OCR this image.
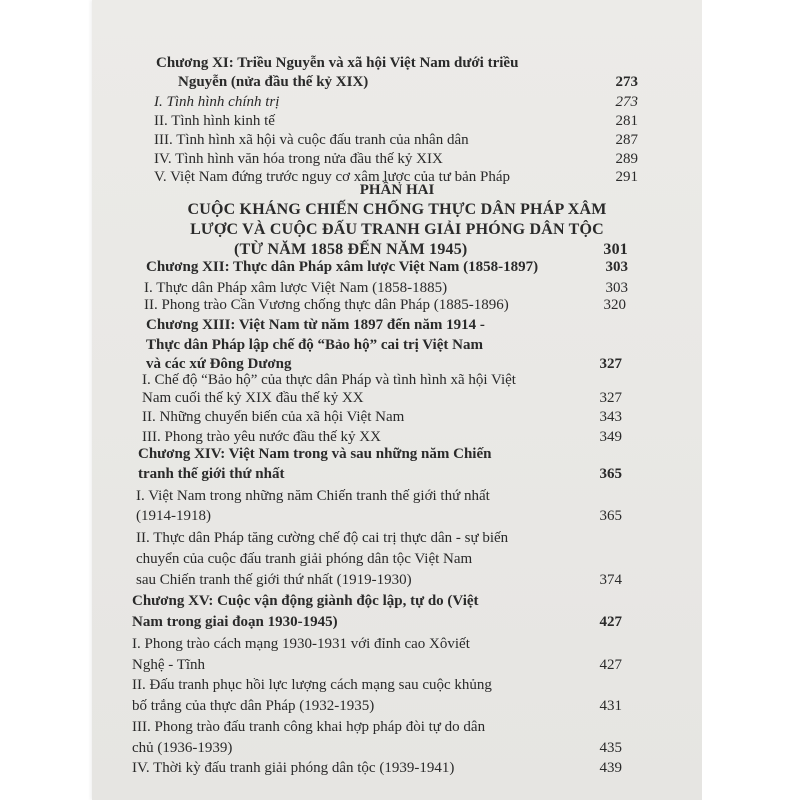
Chương XI: Triều Nguyễn và xã hội Việt Nam dưới triều
Nguyễn (nửa đầu thế kỷ XIX)	273
I. Tình hình chính trị	273
II. Tình hình kinh tế	281
III. Tình hình xã hội và cuộc đấu tranh của nhân dân	287
IV. Tình hình văn hóa trong nửa đầu thế kỷ XIX	289
V. Việt Nam đứng trước nguy cơ xâm lược của tư bản Pháp	291
PHẦN HAI
CUỘC KHÁNG CHIẾN CHỐNG THỰC DÂN PHÁP XÂM
LƯỢC VÀ CUỘC ĐẤU TRANH GIẢI PHÓNG DÂN TỘC
(TỪ NĂM 1858 ĐẾN NĂM 1945)	301
Chương XII: Thực dân Pháp xâm lược Việt Nam (1858-1897)	303
I. Thực dân Pháp xâm lược Việt Nam (1858-1885)	303
II. Phong trào Cần Vương chống thực dân Pháp (1885-1896)	320
Chương XIII: Việt Nam từ năm 1897 đến năm 1914 -
Thực dân Pháp lập chế độ “Bảo hộ” cai trị Việt Nam
và các xứ Đông Dương	327
I. Chế độ “Bảo hộ” của thực dân Pháp và tình hình xã hội Việt
Nam cuối thế kỷ XIX đầu thế kỷ XX	327
II. Những chuyển biến của xã hội Việt Nam	343
III. Phong trào yêu nước đầu thế kỷ XX	349
Chương XIV: Việt Nam trong và sau những năm Chiến
tranh thế giới thứ nhất	365
I. Việt Nam trong những năm Chiến tranh thế giới thứ nhất
(1914-1918)	365
II. Thực dân Pháp tăng cường chế độ cai trị thực dân - sự biến
chuyển của cuộc đấu tranh giải phóng dân tộc Việt Nam
sau Chiến tranh thế giới thứ nhất (1919-1930)	374
Chương XV: Cuộc vận động giành độc lập, tự do (Việt
Nam trong giai đoạn 1930-1945)	427
I. Phong trào cách mạng 1930-1931 với đỉnh cao Xôviết
Nghệ - Tĩnh	427
II. Đấu tranh phục hồi lực lượng cách mạng sau cuộc khủng
bố trắng của thực dân Pháp (1932-1935)	431
III. Phong trào đấu tranh công khai hợp pháp đòi tự do dân
chủ (1936-1939)	435
IV. Thời kỳ đấu tranh giải phóng dân tộc (1939-1941)	439
